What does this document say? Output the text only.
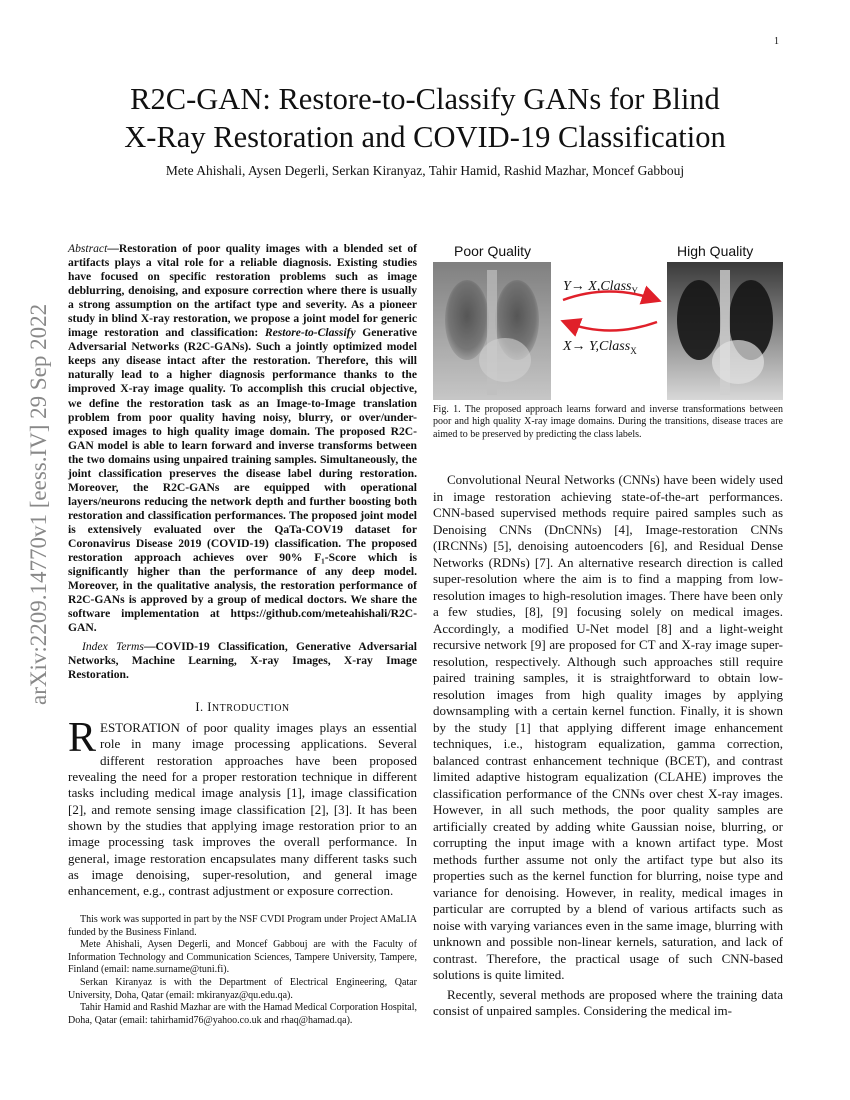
1
arXiv:2209.14770v1 [eess.IV] 29 Sep 2022
R2C-GAN: Restore-to-Classify GANs for Blind
X-Ray Restoration and COVID-19 Classification
Mete Ahishali, Aysen Degerli, Serkan Kiranyaz, Tahir Hamid, Rashid Mazhar, Moncef Gabbouj
Abstract—Restoration of poor quality images with a blended set of artifacts plays a vital role for a reliable diagnosis. Existing studies have focused on specific restoration problems such as image deblurring, denoising, and exposure correction where there is usually a strong assumption on the artifact type and severity. As a pioneer study in blind X-ray restoration, we propose a joint model for generic image restoration and classification: Restore-to-Classify Generative Adversarial Networks (R2C-GANs). Such a jointly optimized model keeps any disease intact after the restoration. Therefore, this will naturally lead to a higher diagnosis performance thanks to the improved X-ray image quality. To accomplish this crucial objective, we define the restoration task as an Image-to-Image translation problem from poor quality having noisy, blurry, or over/under-exposed images to high quality image domain. The proposed R2C-GAN model is able to learn forward and inverse transforms between the two domains using unpaired training samples. Simultaneously, the joint classification preserves the disease label during restoration. Moreover, the R2C-GANs are equipped with operational layers/neurons reducing the network depth and further boosting both restoration and classification performances. The proposed joint model is extensively evaluated over the QaTa-COV19 dataset for Coronavirus Disease 2019 (COVID-19) classification. The proposed restoration approach achieves over 90% F₁-Score which is significantly higher than the performance of any deep model. Moreover, in the qualitative analysis, the restoration performance of R2C-GANs is approved by a group of medical doctors. We share the software implementation at https://github.com/meteahishali/R2C-GAN.
Index Terms—COVID-19 Classification, Generative Adversarial Networks, Machine Learning, X-ray Images, X-ray Image Restoration.
I. INTRODUCTION
RESTORATION of poor quality images plays an essential role in many image processing applications. Several different restoration approaches have been proposed revealing the need for a proper restoration technique in different tasks including medical image analysis [1], image classification [2], and remote sensing image classification [2], [3]. It has been shown by the studies that applying image restoration prior to an image processing task improves the overall performance. In general, image restoration encapsulates many different tasks such as image denoising, super-resolution, and general image enhancement, e.g., contrast adjustment or exposure correction.

This work was supported in part by the NSF CVDI Program under Project AMaLIA funded by the Business Finland.

Mete Ahishali, Aysen Degerli, and Moncef Gabbouj are with the Faculty of Information Technology and Communication Sciences, Tampere University, Tampere, Finland (email: name.surname@tuni.fi).

Serkan Kiranyaz is with the Department of Electrical Engineering, Qatar University, Doha, Qatar (email: mkiranyaz@qu.edu.qa).

Tahir Hamid and Rashid Mazhar are with the Hamad Medical Corporation Hospital, Doha, Qatar (email: tahirhamid76@yahoo.co.uk and rhaq@hamad.qa).

Poor Quality	High Quality
Y→ X,Class$_Y$
X→ Y,Class$_X$
Fig. 1. The proposed approach learns forward and inverse transformations between poor and high quality X-ray image domains. During the transitions, disease traces are aimed to be preserved by predicting the class labels.

Convolutional Neural Networks (CNNs) have been widely used in image restoration achieving state-of-the-art performances. CNN-based supervised methods require paired samples such as Denoising CNNs (DnCNNs) [4], Image-restoration CNNs (IRCNNs) [5], denoising autoencoders [6], and Residual Dense Networks (RDNs) [7]. An alternative research direction is called super-resolution where the aim is to find a mapping from low-resolution images to high-resolution images. There have been only a few studies, [8], [9] focusing solely on medical images. Accordingly, a modified U-Net model [8] and a light-weight recursive network [9] are proposed for CT and X-ray image super-resolution, respectively. Although such approaches still require paired training samples, it is straightforward to obtain low-resolution images from high quality images by applying downsampling with a certain kernel function. Finally, it is shown by the study [1] that applying different image enhancement techniques, i.e., histogram equalization, gamma correction, balanced contrast enhancement technique (BCET), and contrast limited adaptive histogram equalization (CLAHE) improves the classification performance of the CNNs over chest X-ray images. However, in all such methods, the poor quality samples are artificially created by adding white Gaussian noise, blurring, or corrupting the input image with a known artifact type. Most methods further assume not only the artifact type but also its properties such as the kernel function for blurring, noise type and variance for denoising. However, in reality, medical images in particular are corrupted by a blend of various artifacts such as noise with varying variances even in the same image, blurring with unknown and possible non-linear kernels, saturation, and lack of contrast. Therefore, the practical usage of such CNN-based solutions is quite limited.

Recently, several methods are proposed where the training data consist of unpaired samples. Considering the medical im-
